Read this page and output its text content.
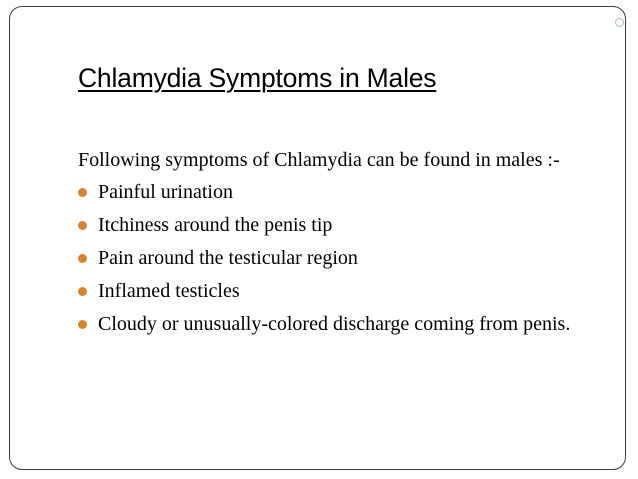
Chlamydia Symptoms in Males

Following symptoms of Chlamydia can be found in males :-

Painful urination
Itchiness around the penis tip
Pain around the testicular region
Inflamed testicles
Cloudy or unusually-colored discharge coming from penis.
